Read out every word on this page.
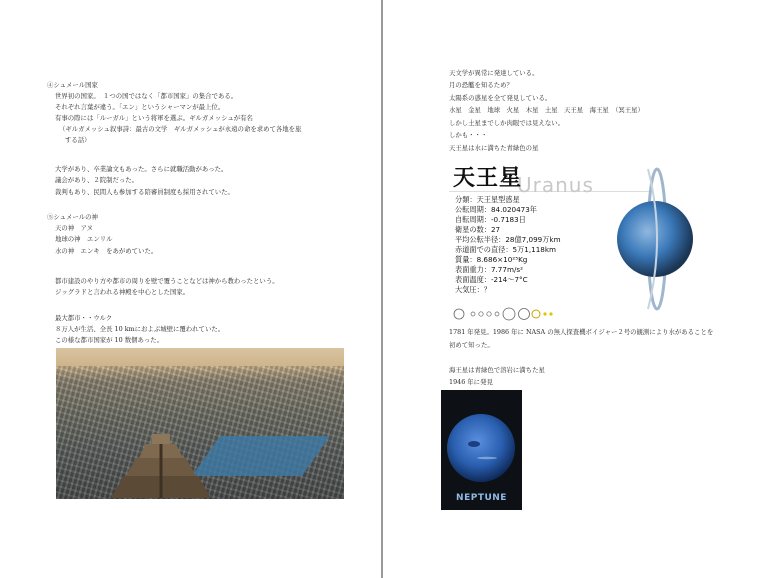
④シュメール国家
世界初の国家。　１つの国ではなく「都市国家」の集合である。
それぞれ言葉が違う。「エン」というシャーマンが最上位。
有事の際には「ルーガル」という将軍を選ぶ。ギルガメッシュが有名
（ギルガメッシュ叙事詩：最古の文学　ギルガメッシュが永遠の命を求めて各地を旅
する話）
大学があり、卒業論文もあった。さらに就職活動があった。
議会があり、２院制だった。
裁判もあり、民間人も参加する陪審員制度も採用されていた。
⑤シュメールの神
天の神　アヌ
地球の神　エンリル
水の神　エンキ　をあがめていた。
都市建設のやり方や都市の周りを壁で覆うことなどは神から教わったという。
ジッグラドと言われる神殿を中心とした国家。
最大都市・・ウルク
８万人が生活、全長 10 kmにおよぶ城壁に覆われていた。
この様な都市国家が 10 数個あった。
天文学が異常に発達している。
月の恐艦を知るため？
太陽系の惑星を全て発見している。
水星　金星　地球　火星　木星　土星　天王星　海王星　（冥王星）
しかし土星までしか肉眼では見えない。
しかも・・・
天王星は水に満ちた青緑色の星
Uranus
天王星
分類：天王星型惑星
公転周期：84.020473年
自転周期：-0.7183日
衛星の数：27
平均公転半径：28億7,099万km
赤道面での直径：5万1,118km
質量：8.686×10²⁵Kg
表面重力：7.77m/s²
表面温度：-214〜7°C
大気圧：？
1781 年発見。1986 年に NASA の無人探査機ボイジャー２号の観測により水があることを
初めて知った。
海王星は青緑色で溶岩に満ちた星
1946 年に発見
NEPTUNE
